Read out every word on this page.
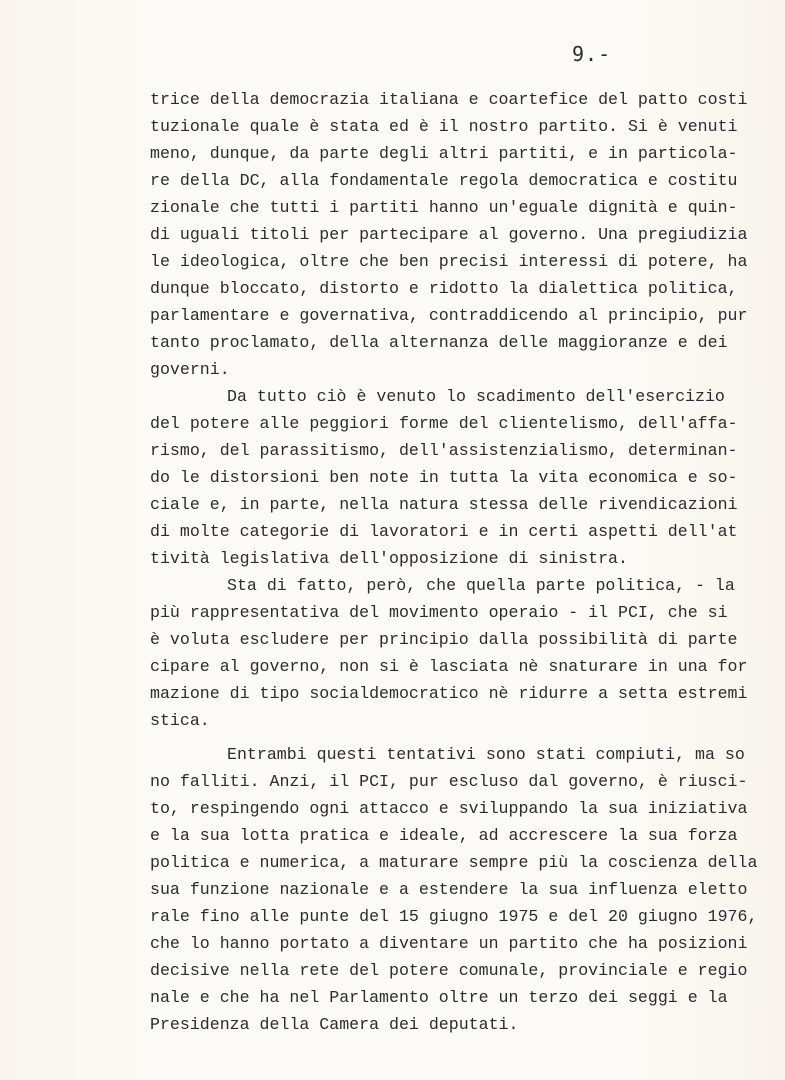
9.-
trice della democrazia italiana e coartefice del patto costi
tuzionale quale è stata ed è il nostro partito. Si è venuti
meno, dunque, da parte degli altri partiti, e in particola-
re della DC, alla fondamentale regola democratica e costitu
zionale che tutti i partiti hanno un'eguale dignità e quin-
di uguali titoli per partecipare al governo. Una pregiudizia
le ideologica, oltre che ben precisi interessi di potere, ha
dunque bloccato, distorto e ridotto la dialettica politica,
parlamentare e governativa, contraddicendo al principio, pur
tanto proclamato, della alternanza delle maggioranze e dei
governi.
Da tutto ciò è venuto lo scadimento dell'esercizio
del potere alle peggiori forme del clientelismo, dell'affa-
rismo, del parassitismo, dell'assistenzialismo, determinan-
do le distorsioni ben note in tutta la vita economica e so-
ciale e, in parte, nella natura stessa delle rivendicazioni
di molte categorie di lavoratori e in certi aspetti dell'at
tività legislativa dell'opposizione di sinistra.
Sta di fatto, però, che quella parte politica, - la
più rappresentativa del movimento operaio - il PCI, che si
è voluta escludere per principio dalla possibilità di parte
cipare al governo, non si è lasciata nè snaturare in una for
mazione di tipo socialdemocratico nè ridurre a setta estremi
stica.
Entrambi questi tentativi sono stati compiuti, ma so
no falliti. Anzi, il PCI, pur escluso dal governo, è riusci-
to, respingendo ogni attacco e sviluppando la sua iniziativa
e la sua lotta pratica e ideale, ad accrescere la sua forza
politica e numerica, a maturare sempre più la coscienza della
sua funzione nazionale e a estendere la sua influenza eletto
rale fino alle punte del 15 giugno 1975 e del 20 giugno 1976,
che lo hanno portato a diventare un partito che ha posizioni
decisive nella rete del potere comunale, provinciale e regio
nale e che ha nel Parlamento oltre un terzo dei seggi e la
Presidenza della Camera dei deputati.
